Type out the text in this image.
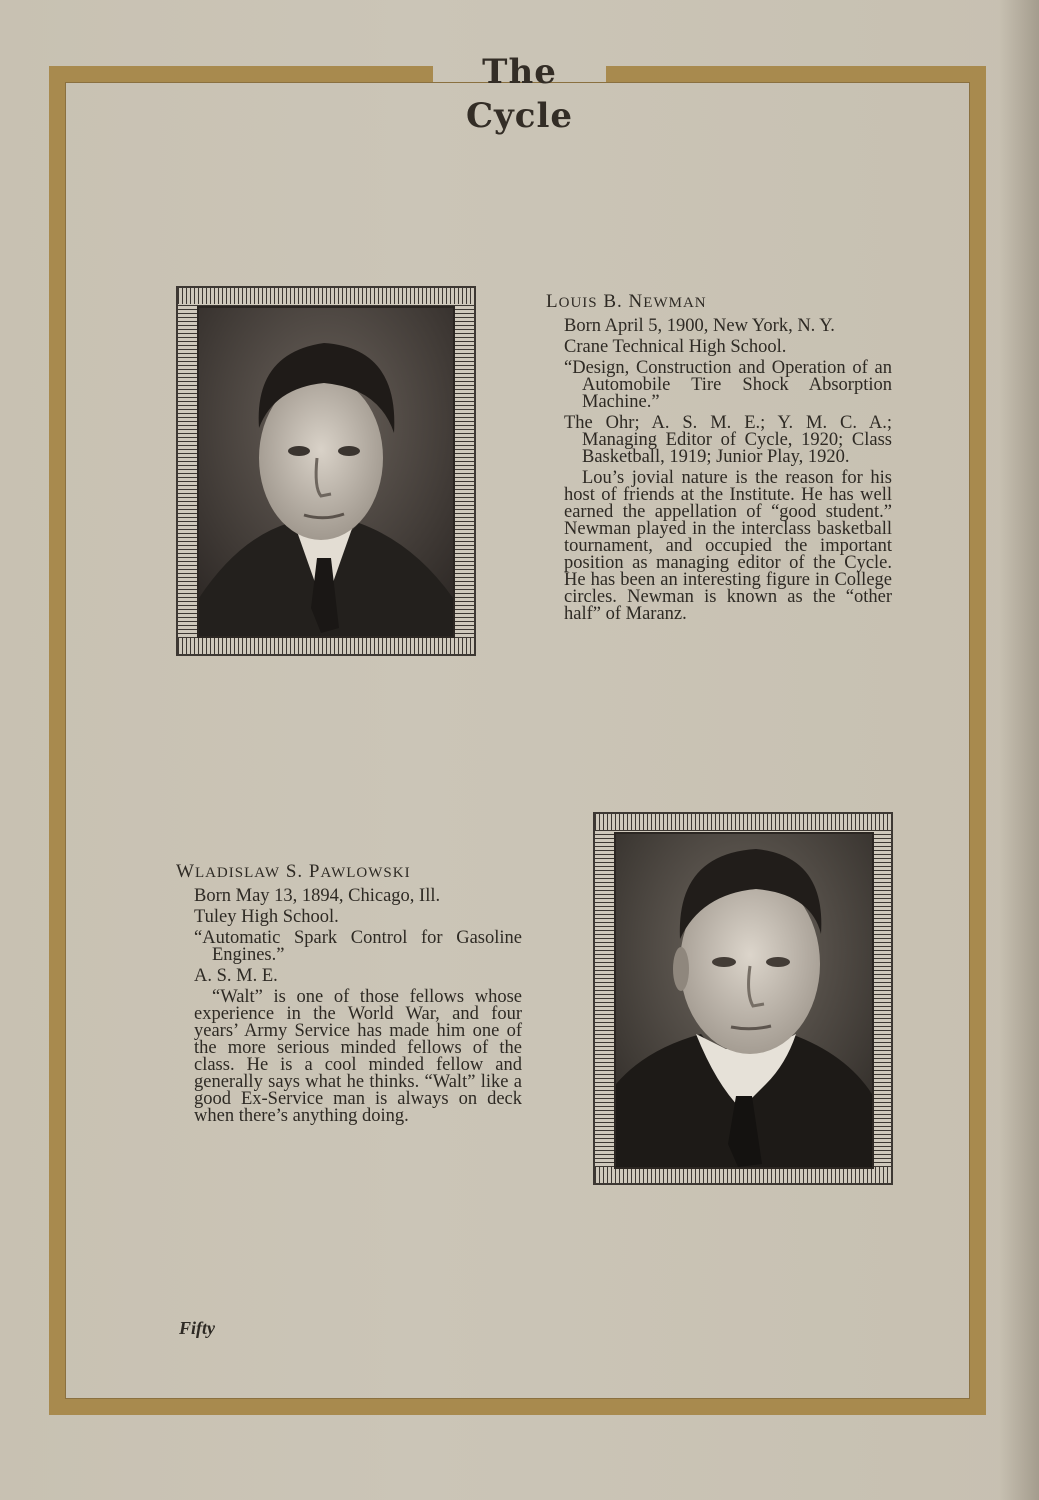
The Cycle

LOUIS B. NEWMAN

Born April 5, 1900, New York, N. Y.

Crane Technical High School.

“Design, Construction and Operation of an Automobile Tire Shock Absorption Machine.”

The Ohr; A. S. M. E.; Y. M. C. A.; Managing Editor of Cycle, 1920; Class Basketball, 1919; Junior Play, 1920.

Lou’s jovial nature is the reason for his host of friends at the Institute. He has well earned the appellation of “good student.” Newman played in the interclass basketball tournament, and occupied the important position as managing editor of the Cycle. He has been an interesting figure in College circles. Newman is known as the “other half” of Maranz.

WLADISLAW S. PAWLOWSKI

Born May 13, 1894, Chicago, Ill.

Tuley High School.

“Automatic Spark Control for Gasoline Engines.”

A. S. M. E.

“Walt” is one of those fellows whose experience in the World War, and four years’ Army Service has made him one of the more serious minded fellows of the class. He is a cool minded fellow and generally says what he thinks. “Walt” like a good Ex-Service man is always on deck when there’s anything doing.

Fifty
